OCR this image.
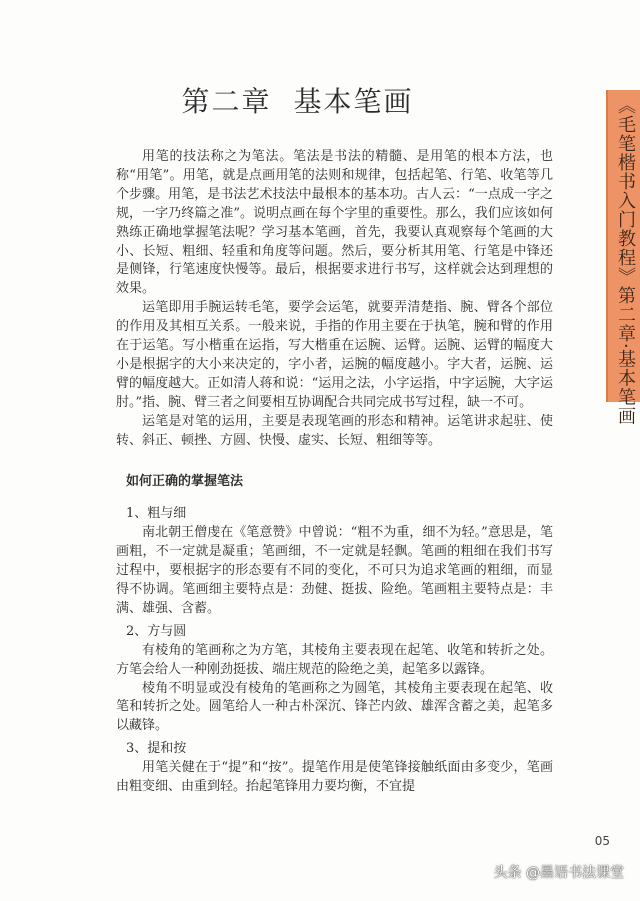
第二章 基本笔画	《毛笔楷书入门教程》第二章·基本笔画

用笔的技法称之为笔法。笔法是书法的精髓、是用笔的根本方法，也称“用笔”。用笔，就是点画用笔的法则和规律，包括起笔、行笔、收笔等几个步骤。用笔，是书法艺术技法中最根本的基本功。古人云：“一点成一字之规，一字乃终篇之准”。说明点画在每个字里的重要性。那么，我们应该如何熟练正确地掌握笔法呢？学习基本笔画，首先，我要认真观察每个笔画的大小、长短、粗细、轻重和角度等问题。然后，要分析其用笔、行笔是中锋还是侧锋，行笔速度快慢等。最后，根据要求进行书写，这样就会达到理想的效果。

运笔即用手腕运转毛笔，要学会运笔，就要弄清楚指、腕、臂各个部位的作用及其相互关系。一般来说，手指的作用主要在于执笔，腕和臂的作用在于运笔。写小楷重在运指，写大楷重在运腕、运臂。运腕、运臂的幅度大小是根据字的大小来决定的，字小者，运腕的幅度越小。字大者，运腕、运臂的幅度越大。正如清人蒋和说：“运用之法，小字运指，中字运腕，大字运肘。”指、腕、臂三者之间要相互协调配合共同完成书写过程，缺一不可。

运笔是对笔的运用，主要是表现笔画的形态和精神。运笔讲求起驻、使转、斜正、顿挫、方圆、快慢、虚实、长短、粗细等等。

如何正确的掌握笔法

1、粗与细

南北朝王僧虔在《笔意赞》中曾说：“粗不为重，细不为轻。”意思是，笔画粗，不一定就是凝重；笔画细，不一定就是轻飘。笔画的粗细在我们书写过程中，要根据字的形态要有不同的变化，不可只为追求笔画的粗细，而显得不协调。笔画细主要特点是：劲健、挺拔、险绝。笔画粗主要特点是：丰满、雄强、含蓄。

2、方与圆

有棱角的笔画称之为方笔，其棱角主要表现在起笔、收笔和转折之处。方笔会给人一种刚劲挺拔、端庄规范的险绝之美，起笔多以露锋。

棱角不明显或没有棱角的笔画称之为圆笔，其棱角主要表现在起笔、收笔和转折之处。圆笔给人一种古朴深沉、锋芒内敛、雄浑含蓄之美，起笔多以藏锋。

3、提和按

用笔关健在于“提”和“按”。提笔作用是使笔锋接触纸面由多变少，笔画由粗变细、由重到轻。抬起笔锋用力要均衡，不宜提

05
头条 @墨语书法课堂
